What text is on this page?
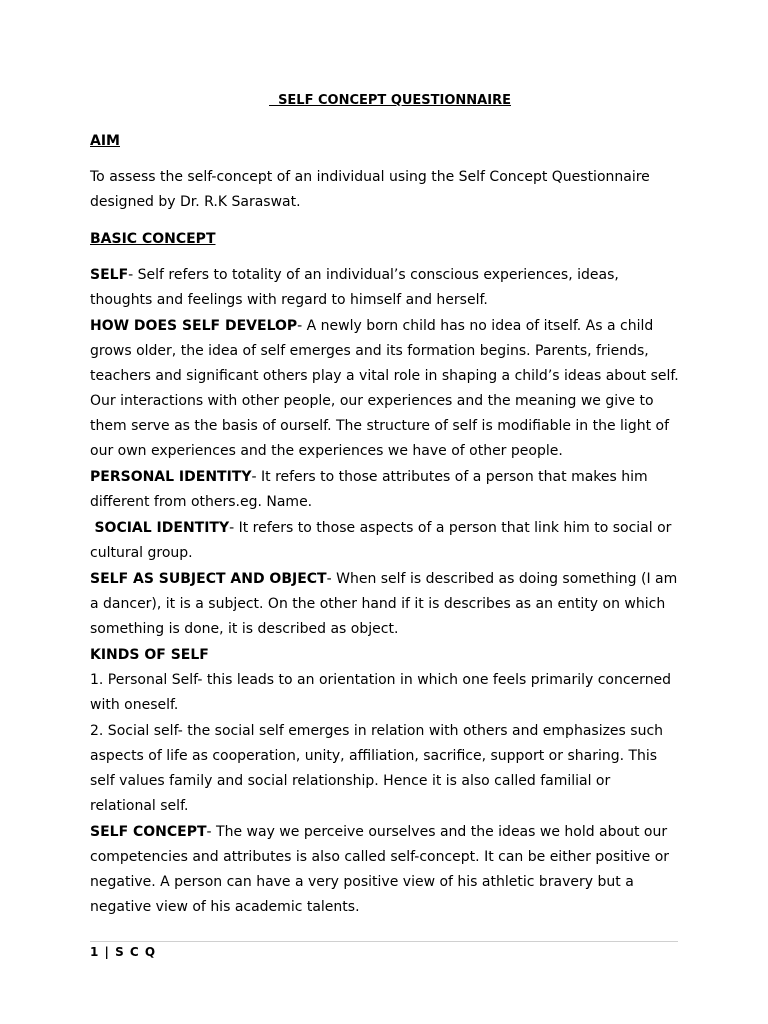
SELF CONCEPT QUESTIONNAIRE
AIM

To assess the self-concept of an individual using the Self Concept Questionnaire designed by Dr. R.K Saraswat.

BASIC CONCEPT

SELF- Self refers to totality of an individual’s conscious experiences, ideas, thoughts and feelings with regard to himself and herself.

HOW DOES SELF DEVELOP- A newly born child has no idea of itself. As a child grows older, the idea of self emerges and its formation begins. Parents, friends, teachers and significant others play a vital role in shaping a child’s ideas about self. Our interactions with other people, our experiences and the meaning we give to them serve as the basis of ourself. The structure of self is modifiable in the light of our own experiences and the experiences we have of other people.

PERSONAL IDENTITY- It refers to those attributes of a person that makes him different from others.eg. Name.

SOCIAL IDENTITY- It refers to those aspects of a person that link him to social or cultural group.

SELF AS SUBJECT AND OBJECT- When self is described as doing something (I am a dancer), it is a subject. On the other hand if it is describes as an entity on which something is done, it is described as object.

KINDS OF SELF

1. Personal Self- this leads to an orientation in which one feels primarily concerned with oneself.

2. Social self- the social self emerges in relation with others and emphasizes such aspects of life as cooperation, unity, affiliation, sacrifice, support or sharing. This self values family and social relationship. Hence it is also called familial or relational self.

SELF CONCEPT- The way we perceive ourselves and the ideas we hold about our competencies and attributes is also called self-concept. It can be either positive or negative. A person can have a very positive view of his athletic bravery but a negative view of his academic talents.

1 | S C Q
